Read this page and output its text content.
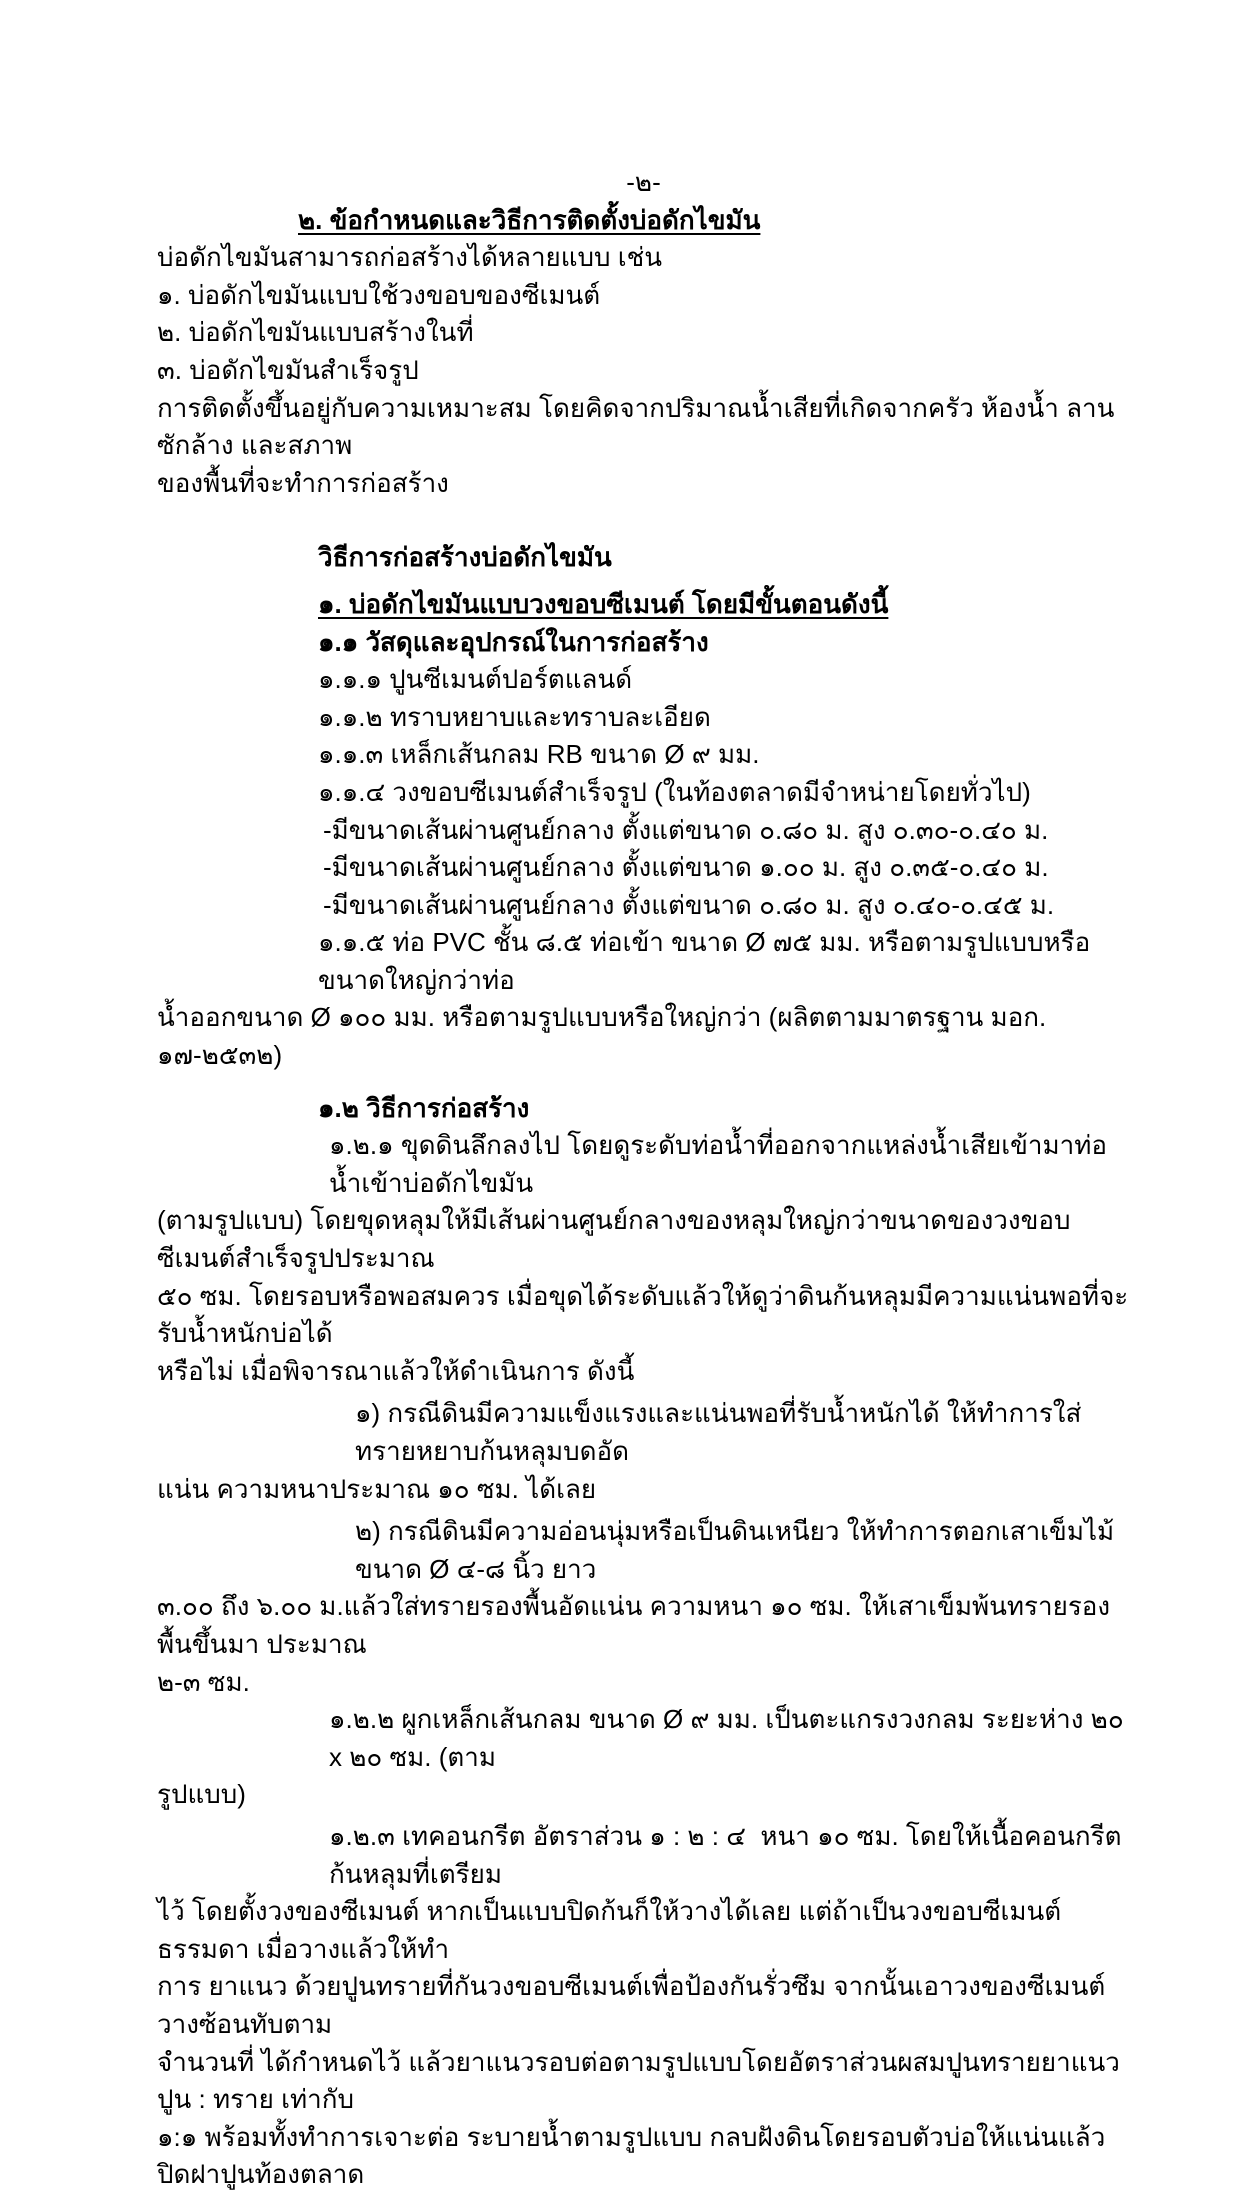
-๒-
๒. ข้อกำหนดและวิธีการติดตั้งบ่อดักไขมัน
บ่อดักไขมันสามารถก่อสร้างได้หลายแบบ เช่น
๑. บ่อดักไขมันแบบใช้วงขอบของซีเมนต์
๒. บ่อดักไขมันแบบสร้างในที่
๓. บ่อดักไขมันสำเร็จรูป
การติดตั้งขึ้นอยู่กับความเหมาะสม โดยคิดจากปริมาณน้ำเสียที่เกิดจากครัว ห้องน้ำ ลานซักล้าง และสภาพ
ของพื้นที่จะทำการก่อสร้าง
วิธีการก่อสร้างบ่อดักไขมัน
๑. บ่อดักไขมันแบบวงขอบซีเมนต์ โดยมีขั้นตอนดังนี้
๑.๑ วัสดุและอุปกรณ์ในการก่อสร้าง
๑.๑.๑ ปูนซีเมนต์ปอร์ตแลนด์
๑.๑.๒ ทราบหยาบและทราบละเอียด
๑.๑.๓ เหล็กเส้นกลม RB ขนาด Ø ๙ มม.
๑.๑.๔ วงขอบซีเมนต์สำเร็จรูป (ในท้องตลาดมีจำหน่ายโดยทั่วไป)
-มีขนาดเส้นผ่านศูนย์กลาง ตั้งแต่ขนาด ๐.๘๐ ม. สูง ๐.๓๐-๐.๔๐ ม.
-มีขนาดเส้นผ่านศูนย์กลาง ตั้งแต่ขนาด ๑.๐๐ ม. สูง ๐.๓๕-๐.๔๐ ม.
-มีขนาดเส้นผ่านศูนย์กลาง ตั้งแต่ขนาด ๐.๘๐ ม. สูง ๐.๔๐-๐.๔๕ ม.
๑.๑.๕ ท่อ PVC ชั้น ๘.๕ ท่อเข้า ขนาด Ø ๗๕ มม. หรือตามรูปแบบหรือขนาดใหญ่กว่าท่อ
น้ำออกขนาด Ø ๑๐๐ มม. หรือตามรูปแบบหรือใหญ่กว่า (ผลิตตามมาตรฐาน มอก. ๑๗-๒๕๓๒)
๑.๒ วิธีการก่อสร้าง
๑.๒.๑ ขุดดินลึกลงไป โดยดูระดับท่อน้ำที่ออกจากแหล่งน้ำเสียเข้ามาท่อน้ำเข้าบ่อดักไขมัน
(ตามรูปแบบ) โดยขุดหลุมให้มีเส้นผ่านศูนย์กลางของหลุมใหญ่กว่าขนาดของวงขอบซีเมนต์สำเร็จรูปประมาณ
๕๐ ซม. โดยรอบหรือพอสมควร เมื่อขุดได้ระดับแล้วให้ดูว่าดินก้นหลุมมีความแน่นพอที่จะรับน้ำหนักบ่อได้
หรือไม่ เมื่อพิจารณาแล้วให้ดำเนินการ ดังนี้
๑) กรณีดินมีความแข็งแรงและแน่นพอที่รับน้ำหนักได้ ให้ทำการใส่ทรายหยาบก้นหลุมบดอัด
แน่น ความหนาประมาณ ๑๐ ซม. ได้เลย
๒) กรณีดินมีความอ่อนนุ่มหรือเป็นดินเหนียว ให้ทำการตอกเสาเข็มไม้ขนาด Ø ๔-๘ นิ้ว ยาว
๓.๐๐ ถึง ๖.๐๐ ม.แล้วใส่ทรายรองพื้นอัดแน่น ความหนา ๑๐ ซม. ให้เสาเข็มพ้นทรายรองพื้นขึ้นมา ประมาณ
๒-๓ ซม.
๑.๒.๒ ผูกเหล็กเส้นกลม ขนาด Ø ๙ มม. เป็นตะแกรงวงกลม ระยะห่าง ๒๐ x ๒๐ ซม. (ตาม
รูปแบบ)
๑.๒.๓ เทคอนกรีต อัตราส่วน ๑ : ๒ : ๔  หนา ๑๐ ซม. โดยให้เนื้อคอนกรีตก้นหลุมที่เตรียม
ไว้ โดยตั้งวงของซีเมนต์ หากเป็นแบบปิดก้นก็ให้วางได้เลย แต่ถ้าเป็นวงขอบซีเมนต์ธรรมดา เมื่อวางแล้วให้ทำ
การ ยาแนว ด้วยปูนทรายที่กันวงขอบซีเมนต์เพื่อป้องกันรั่วซึม จากนั้นเอาวงของซีเมนต์วางซ้อนทับตาม
จำนวนที่ ได้กำหนดไว้ แล้วยาแนวรอบต่อตามรูปแบบโดยอัตราส่วนผสมปูนทรายยาแนว ปูน : ทราย เท่ากับ
๑:๑ พร้อมทั้งทำการเจาะต่อ ระบายน้ำตามรูปแบบ กลบฝังดินโดยรอบตัวบ่อให้แน่นแล้วปิดฝาปูนท้องตลาด
